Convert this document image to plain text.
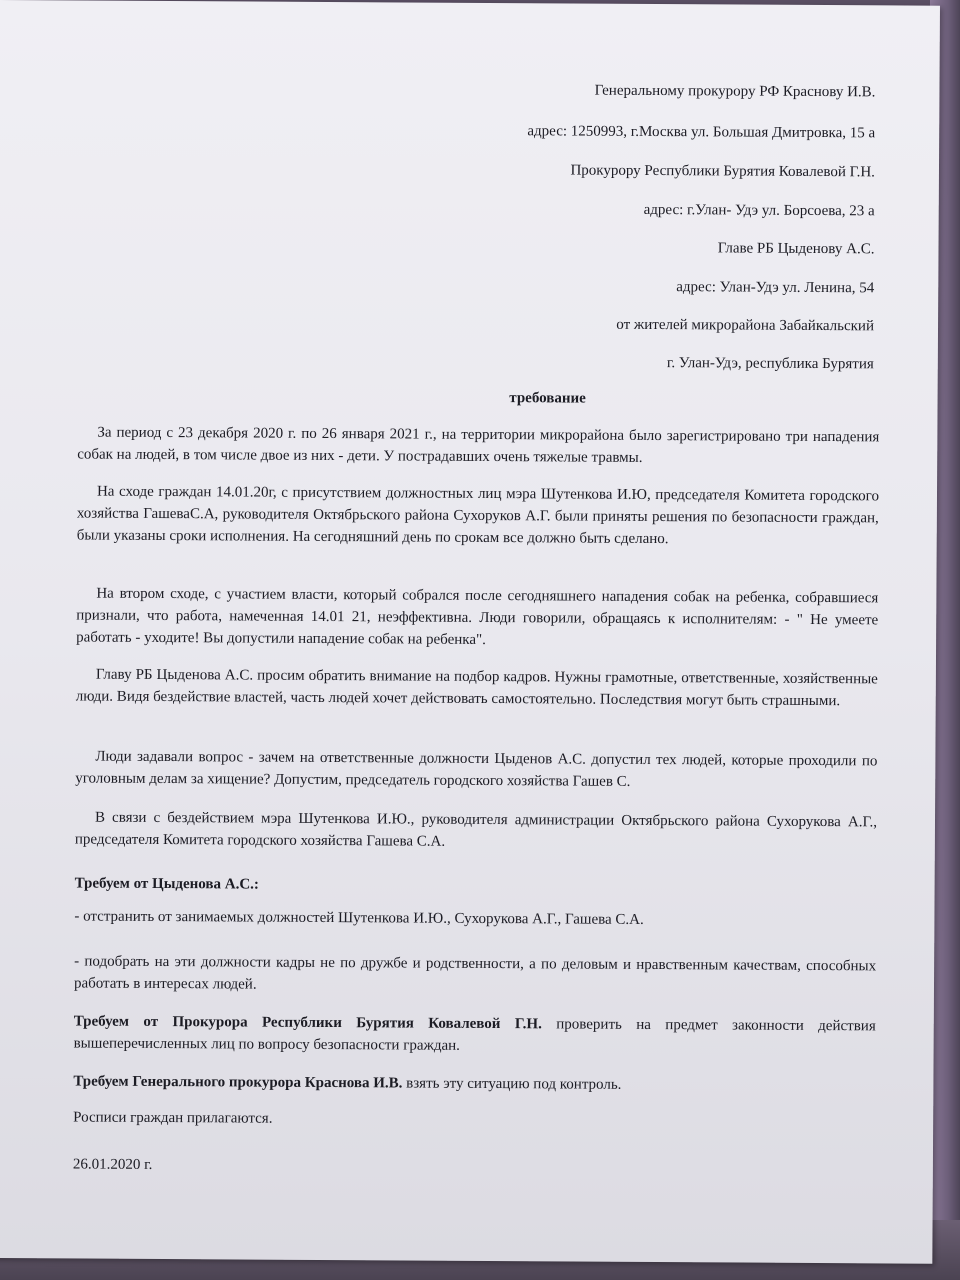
Генеральному прокурору РФ Краснову И.В.
адрес: 1250993, г.Москва ул. Большая Дмитровка, 15 а
Прокурору Республики Бурятия Ковалевой Г.Н.
адрес: г.Улан- Удэ ул. Борсоева, 23 а
Главе РБ Цыденову А.С.
адрес: Улан-Удэ ул. Ленина, 54
от жителей микрорайона Забайкальский
г. Улан-Удэ, республика Бурятия
требование
За период с 23 декабря 2020 г. по 26 января 2021 г., на территории микрорайона было зарегистрировано три нападения собак на людей, в том числе двое из них - дети. У пострадавших очень тяжелые травмы.
На сходе граждан 14.01.20г, с присутствием должностных лиц мэра Шутенкова И.Ю, председателя Комитета городского хозяйства ГашеваС.А, руководителя Октябрьского района Сухоруков А.Г. были приняты решения по безопасности граждан, были указаны сроки исполнения. На сегодняшний день по срокам все должно быть сделано.
На втором сходе, с участием власти, который собрался после сегодняшнего нападения собак на ребенка, собравшиеся признали, что работа, намеченная 14.01 21, неэффективна. Люди говорили, обращаясь к исполнителям: - " Не умеете работать - уходите! Вы допустили нападение собак на ребенка".
Главу РБ Цыденова А.С. просим обратить внимание на подбор кадров. Нужны грамотные, ответственные, хозяйственные люди. Видя бездействие властей, часть людей хочет действовать самостоятельно. Последствия могут быть страшными.
Люди задавали вопрос - зачем на ответственные должности Цыденов А.С. допустил тех людей, которые проходили по уголовным делам за хищение? Допустим, председатель городского хозяйства Гашев С.
В связи с бездействием мэра Шутенкова И.Ю., руководителя администрации Октябрьского района Сухорукова А.Г., председателя Комитета городского хозяйства Гашева С.А.
Требуем от Цыденова А.С.:
- отстранить от занимаемых должностей Шутенкова И.Ю., Сухорукова А.Г., Гашева С.А.
- подобрать на эти должности кадры не по дружбе и родственности, а по деловым и нравственным качествам, способных работать в интересах людей.
Требуем от Прокурора Республики Бурятия Ковалевой Г.Н. проверить на предмет законности действия вышеперечисленных лиц по вопросу безопасности граждан.
Требуем Генерального прокурора Краснова И.В. взять эту ситуацию под контроль.
Росписи граждан прилагаются.
26.01.2020 г.
